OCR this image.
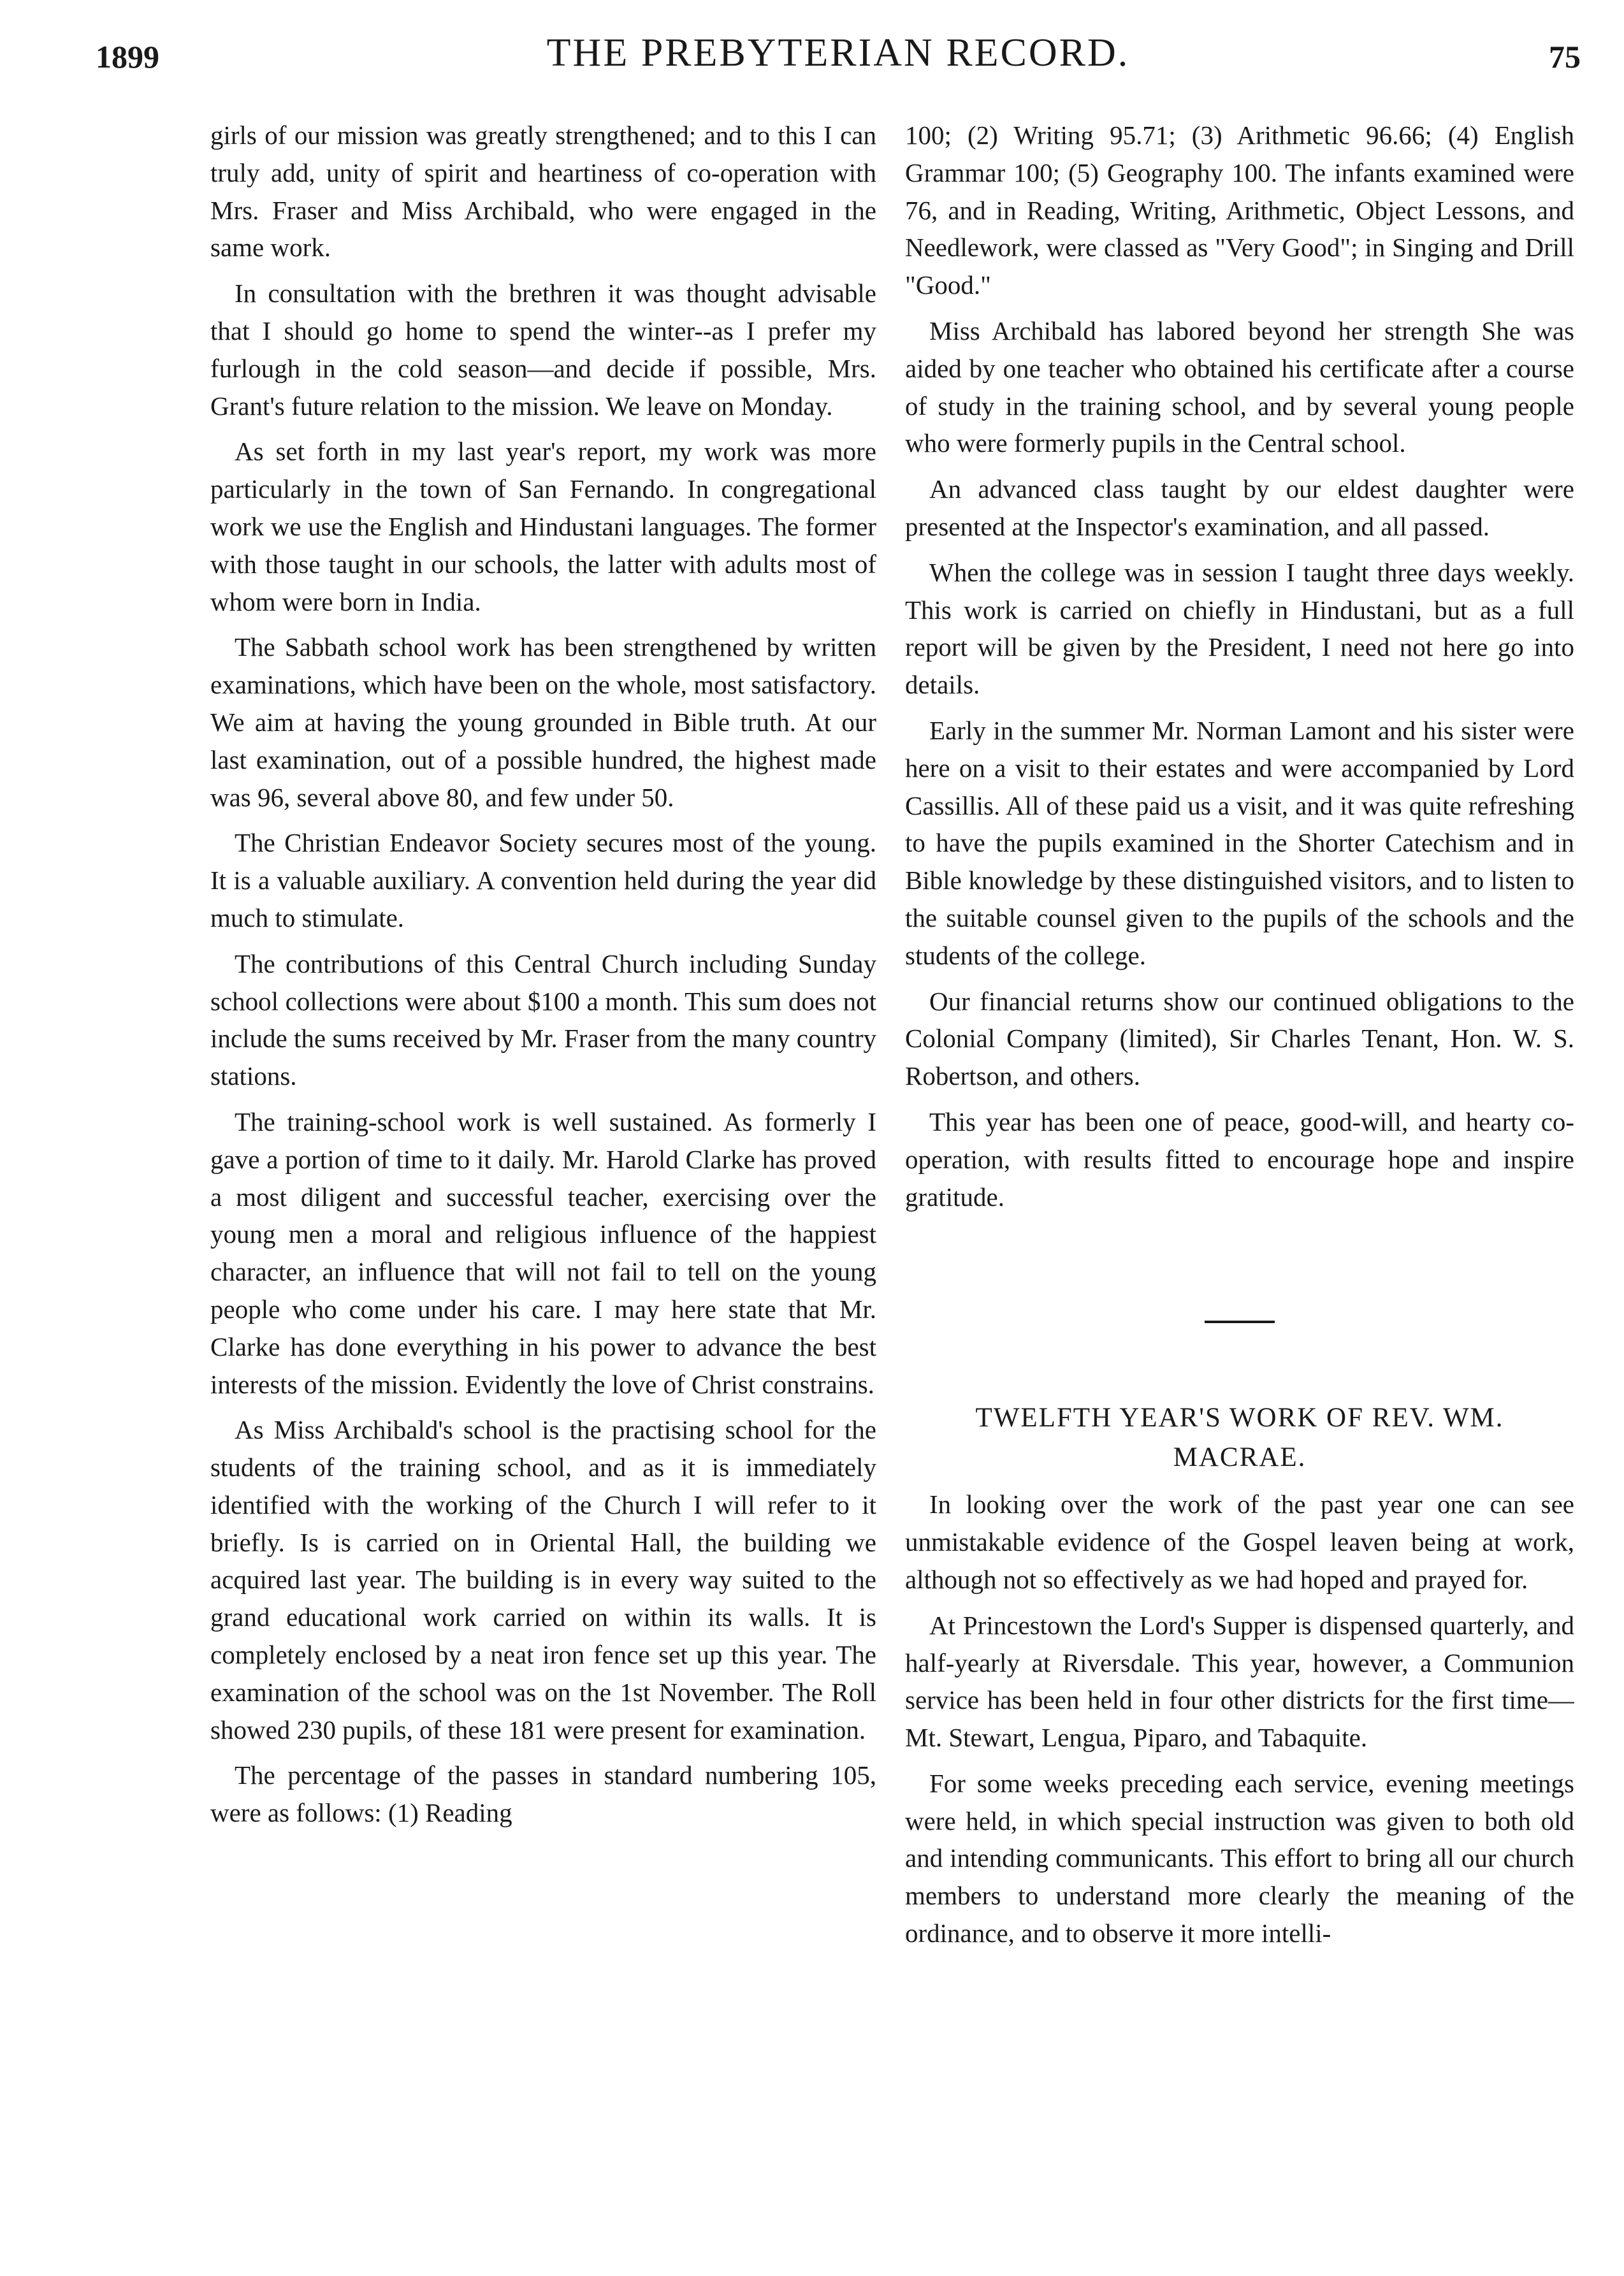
1899	THE PREBYTERIAN RECORD.	75

girls of our mission was greatly strengthened; and to this I can truly add, unity of spirit and heartiness of co-operation with Mrs. Fraser and Miss Archibald, who were engaged in the same work.

In consultation with the brethren it was thought advisable that I should go home to spend the winter--as I prefer my furlough in the cold season—and decide if possible, Mrs. Grant's future relation to the mission. We leave on Monday.

As set forth in my last year's report, my work was more particularly in the town of San Fernando. In congregational work we use the English and Hindustani languages. The former with those taught in our schools, the latter with adults most of whom were born in India.

The Sabbath school work has been strengthened by written examinations, which have been on the whole, most satisfactory. We aim at having the young grounded in Bible truth. At our last examination, out of a possible hundred, the highest made was 96, several above 80, and few under 50.

The Christian Endeavor Society secures most of the young. It is a valuable auxiliary. A convention held during the year did much to stimulate.

The contributions of this Central Church including Sunday school collections were about $100 a month. This sum does not include the sums received by Mr. Fraser from the many country stations.

The training-school work is well sustained. As formerly I gave a portion of time to it daily. Mr. Harold Clarke has proved a most diligent and successful teacher, exercising over the young men a moral and religious influence of the happiest character, an influence that will not fail to tell on the young people who come under his care. I may here state that Mr. Clarke has done everything in his power to advance the best interests of the mission. Evidently the love of Christ constrains.

As Miss Archibald's school is the practising school for the students of the training school, and as it is immediately identified with the working of the Church I will refer to it briefly. Is is carried on in Oriental Hall, the building we acquired last year. The building is in every way suited to the grand educational work carried on within its walls. It is completely enclosed by a neat iron fence set up this year. The examination of the school was on the 1st November. The Roll showed 230 pupils, of these 181 were present for examination.

The percentage of the passes in standard numbering 105, were as follows: (1) Reading

100; (2) Writing 95.71; (3) Arithmetic 96.66; (4) English Grammar 100; (5) Geography 100. The infants examined were 76, and in Reading, Writing, Arithmetic, Object Lessons, and Needlework, were classed as "Very Good"; in Singing and Drill "Good."

Miss Archibald has labored beyond her strength She was aided by one teacher who obtained his certificate after a course of study in the training school, and by several young people who were formerly pupils in the Central school.

An advanced class taught by our eldest daughter were presented at the Inspector's examination, and all passed.

When the college was in session I taught three days weekly. This work is carried on chiefly in Hindustani, but as a full report will be given by the President, I need not here go into details.

Early in the summer Mr. Norman Lamont and his sister were here on a visit to their estates and were accompanied by Lord Cassillis. All of these paid us a visit, and it was quite refreshing to have the pupils examined in the Shorter Catechism and in Bible knowledge by these distinguished visitors, and to listen to the suitable counsel given to the pupils of the schools and the students of the college.

Our financial returns show our continued obligations to the Colonial Company (limited), Sir Charles Tenant, Hon. W. S. Robertson, and others.

This year has been one of peace, good-will, and hearty co-operation, with results fitted to encourage hope and inspire gratitude.

TWELFTH YEAR'S WORK OF REV. WM.
MACRAE.

In looking over the work of the past year one can see unmistakable evidence of the Gospel leaven being at work, although not so effectively as we had hoped and prayed for.

At Princestown the Lord's Supper is dispensed quarterly, and half-yearly at Riversdale. This year, however, a Communion service has been held in four other districts for the first time—Mt. Stewart, Lengua, Piparo, and Tabaquite.

For some weeks preceding each service, evening meetings were held, in which special instruction was given to both old and intending communicants. This effort to bring all our church members to understand more clearly the meaning of the ordinance, and to observe it more intelli-
